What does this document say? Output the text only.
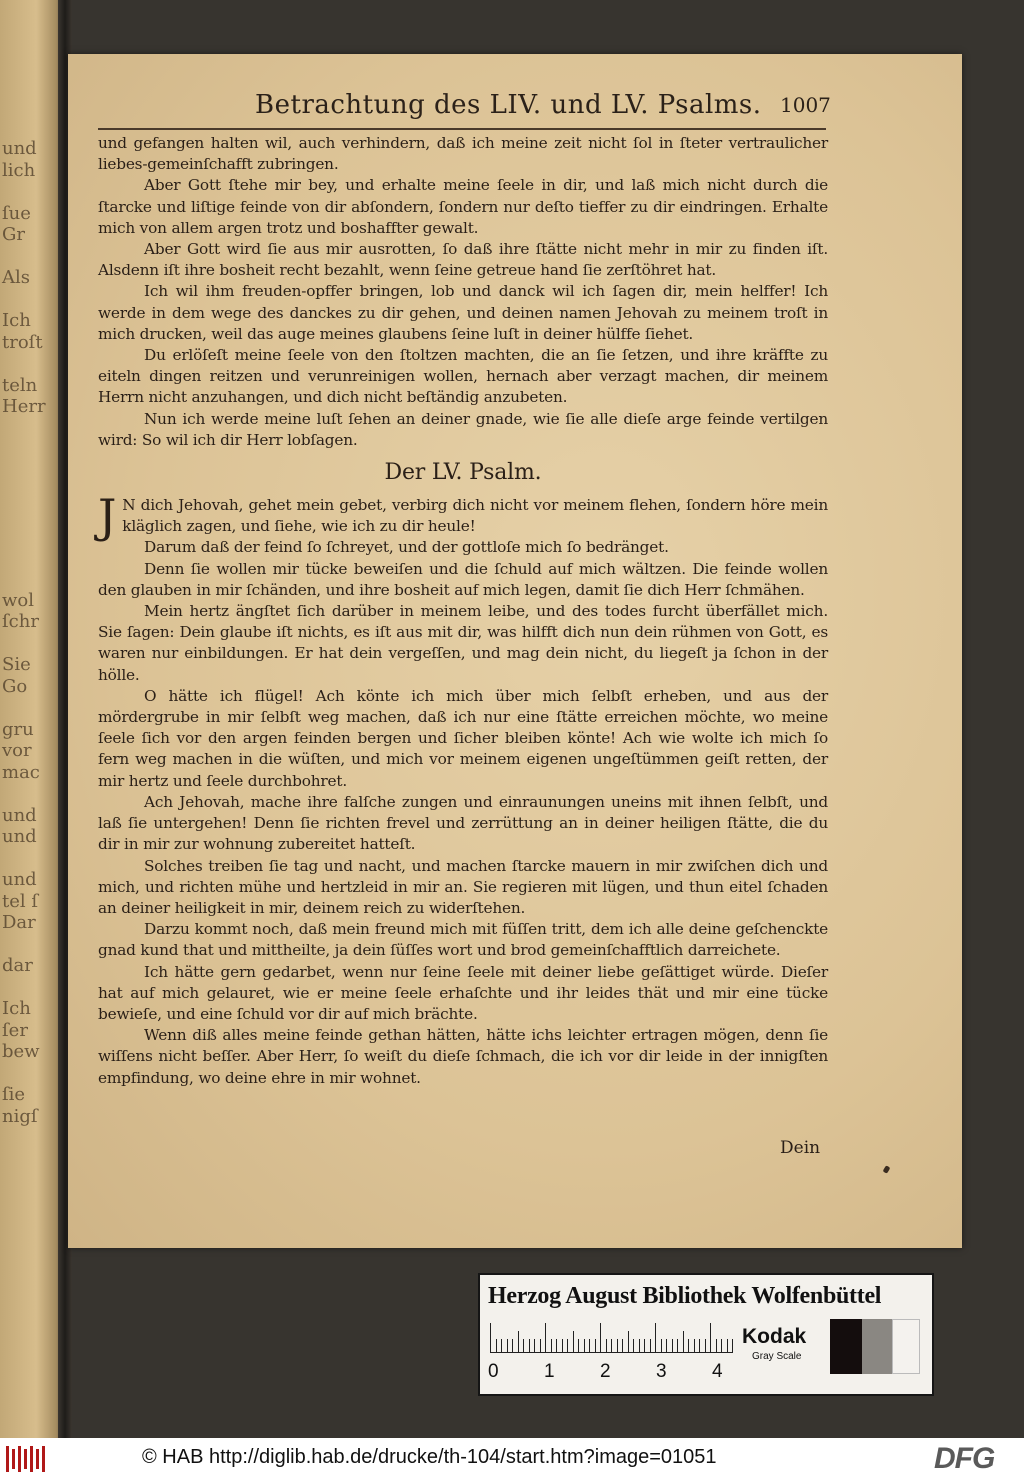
und
lich
ſue
Gr
Als
Ich
troſt
teln
Herr
wol
ſchr
Sie
Go
gru
vor
mac
und
und
und
tel ſ
Dar
dar
Ich
ſer
bew
ſie
nigſ
Betrachtung des LIV. und LV. Psalms. 1007

und gefangen halten wil, auch verhindern, daß ich meine zeit nicht ſol in ſteter vertraulicher liebes-gemeinſchafft zubringen.

Aber Gott ſtehe mir bey, und erhalte meine ſeele in dir, und laß mich nicht durch die ſtarcke und liſtige feinde von dir abſondern, ſondern nur deſto tieffer zu dir eindringen. Erhalte mich von allem argen trotz und boshaffter gewalt.

Aber Gott wird ſie aus mir ausrotten, ſo daß ihre ſtätte nicht mehr in mir zu finden iſt. Alsdenn iſt ihre bosheit recht bezahlt, wenn ſeine getreue hand ſie zerſtöhret hat.

Ich wil ihm freuden-opffer bringen, lob und danck wil ich ſagen dir, mein helffer! Ich werde in dem wege des danckes zu dir gehen, und deinen namen Jehovah zu meinem troſt in mich drucken, weil das auge meines glaubens ſeine luſt in deiner hülffe ſiehet.

Du erlöſeſt meine ſeele von den ſtoltzen machten, die an ſie ſetzen, und ihre kräffte zu eiteln dingen reitzen und verunreinigen wollen, hernach aber verzagt machen, dir meinem Herrn nicht anzuhangen, und dich nicht beſtändig anzubeten.

Nun ich werde meine luſt ſehen an deiner gnade, wie ſie alle dieſe arge feinde vertilgen wird: So wil ich dir Herr lobſagen.

Der LV. Psalm.

J N dich Jehovah, gehet mein gebet, verbirg dich nicht vor meinem flehen, ſondern höre mein kläglich zagen, und ſiehe, wie ich zu dir heule!

Darum daß der feind ſo ſchreyet, und der gottloſe mich ſo bedränget.

Denn ſie wollen mir tücke beweiſen und die ſchuld auf mich wältzen. Die feinde wollen den glauben in mir ſchänden, und ihre bosheit auf mich legen, damit ſie dich Herr ſchmähen.

Mein hertz ängſtet ſich darüber in meinem leibe, und des todes furcht überfället mich. Sie ſagen: Dein glaube iſt nichts, es iſt aus mit dir, was hilfft dich nun dein rühmen von Gott, es waren nur einbildungen. Er hat dein vergeſſen, und mag dein nicht, du liegeſt ja ſchon in der hölle.

O hätte ich flügel! Ach könte ich mich über mich ſelbſt erheben, und aus der mördergrube in mir ſelbſt weg machen, daß ich nur eine ſtätte erreichen möchte, wo meine ſeele ſich vor den argen feinden bergen und ſicher bleiben könte! Ach wie wolte ich mich ſo fern weg machen in die wüſten, und mich vor meinem eigenen ungeſtümmen geiſt retten, der mir hertz und ſeele durchbohret.

Ach Jehovah, mache ihre falſche zungen und einraunungen uneins mit ihnen ſelbſt, und laß ſie untergehen! Denn ſie richten frevel und zerrüttung an in deiner heiligen ſtätte, die du dir in mir zur wohnung zubereitet hatteſt.

Solches treiben ſie tag und nacht, und machen ſtarcke mauern in mir zwiſchen dich und mich, und richten mühe und hertzleid in mir an. Sie regieren mit lügen, und thun eitel ſchaden an deiner heiligkeit in mir, deinem reich zu widerſtehen.

Darzu kommt noch, daß mein freund mich mit füſſen tritt, dem ich alle deine geſchenckte gnad kund that und mittheilte, ja dein ſüſſes wort und brod gemeinſchafftlich darreichete.

Ich hätte gern gedarbet, wenn nur ſeine ſeele mit deiner liebe geſättiget würde. Dieſer hat auf mich gelauret, wie er meine ſeele erhaſchte und ihr leides thät und mir eine tücke bewieſe, und eine ſchuld vor dir auf mich brächte.

Wenn diß alles meine feinde gethan hätten, hätte ichs leichter ertragen mögen, denn ſie wiſſens nicht beſſer. Aber Herr, ſo weiſt du dieſe ſchmach, die ich vor dir leide in der innigſten empfindung, wo deine ehre in mir wohnet.

Dein
Herzog August Bibliothek Wolfenbüttel
0 1 2 3 4
Kodak
Gray Scale
© HAB http://diglib.hab.de/drucke/th-104/start.htm?image=01051	DFG
